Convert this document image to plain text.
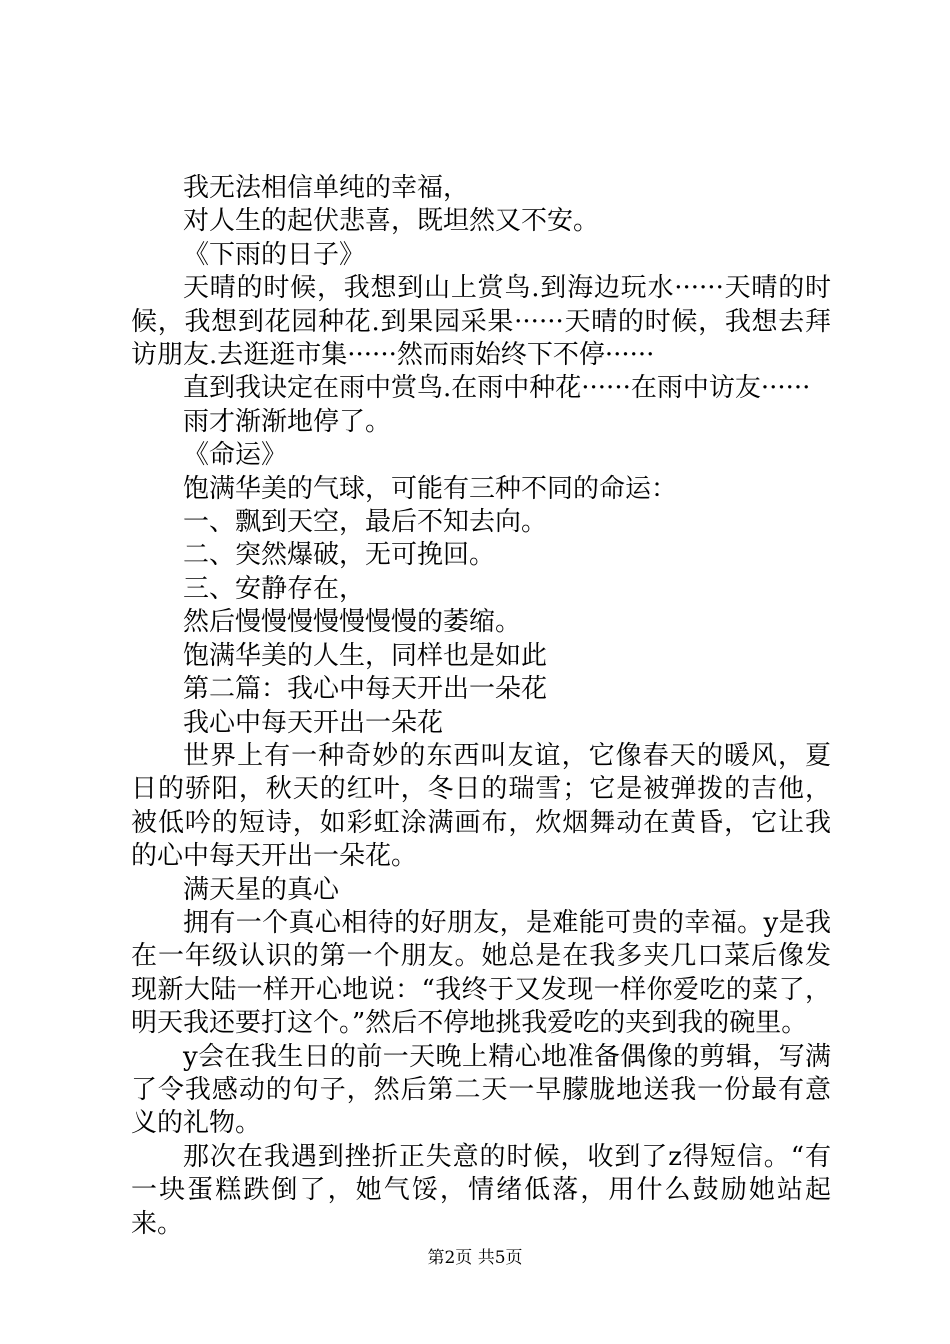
我无法相信单纯的幸福，

对人生的起伏悲喜，既坦然又不安。

《下雨的日子》

天晴的时候，我想到山上赏鸟.到海边玩水······天晴的时候，我想到花园种花.到果园采果······天晴的时候，我想去拜访朋友.去逛逛市集······然而雨始终下不停······

直到我诀定在雨中赏鸟.在雨中种花······在雨中访友······

雨才渐渐地停了。

《命运》

饱满华美的气球，可能有三种不同的命运：

一、飘到天空，最后不知去向。

二、突然爆破，无可挽回。

三、安静存在，

然后慢慢慢慢慢慢慢的萎缩。

饱满华美的人生，同样也是如此

第二篇：我心中每天开出一朵花

我心中每天开出一朵花

世界上有一种奇妙的东西叫友谊，它像春天的暖风，夏日的骄阳，秋天的红叶，冬日的瑞雪；它是被弹拨的吉他，被低吟的短诗，如彩虹涂满画布，炊烟舞动在黄昏，它让我的心中每天开出一朵花。

满天星的真心

拥有一个真心相待的好朋友，是难能可贵的幸福。y是我在一年级认识的第一个朋友。她总是在我多夹几口菜后像发现新大陆一样开心地说：“我终于又发现一样你爱吃的菜了，明天我还要打这个。”然后不停地挑我爱吃的夹到我的碗里。

y会在我生日的前一天晚上精心地准备偶像的剪辑，写满了令我感动的句子，然后第二天一早朦胧地送我一份最有意义的礼物。

那次在我遇到挫折正失意的时候，收到了z得短信。“有一块蛋糕跌倒了，她气馁，情绪低落，用什么鼓励她站起来。

第2页 共5页
